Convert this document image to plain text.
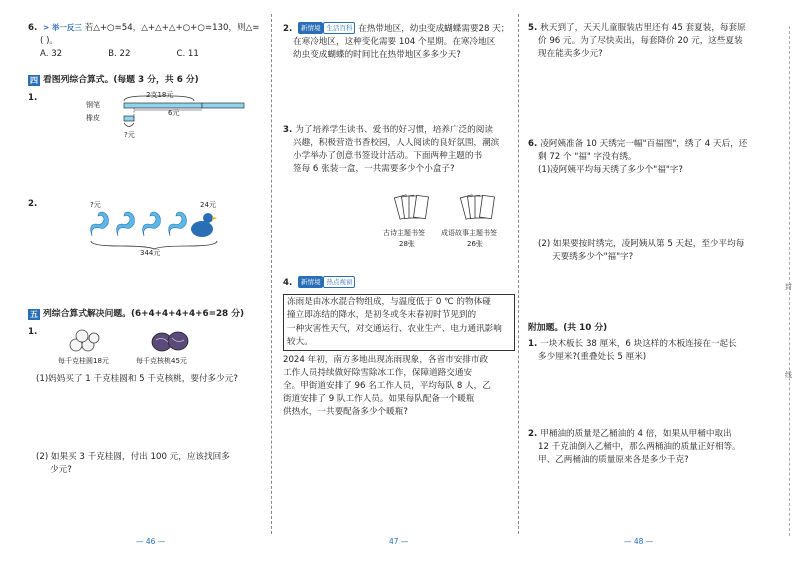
6. > 举一反三 若△+○=54，△+△+△+○+○=130，则△=
( )。
A. 32	B. 22	C. 11
四 看图列综合算式。(每题 3 分，共 6 分)
1.	2支18元
钢笔
橡皮
6元
?元
2.	?元	24元
344元
五 列综合算式解决问题。(6+4+4+4+4+6=28 分)
1.
每千克桂圆18元	每千克核桃45元
(1)妈妈买了 1 千克桂圆和 5 千克核桃，要付多少元?
(2) 如果买 3 千克桂圆，付出 100 元，应该找回多
少元?
— 46 —
2. 新情境 生活百科 在热带地区，幼虫变成蝴蝶需要28 天；
在寒冷地区，这种变化需要 104 个星期。在寒冷地区
幼虫变成蝴蝶的时间比在热带地区多多少天?
3. 为了培养学生读书、爱书的好习惯，培养广泛的阅读
兴趣，积极营造书香校园，人人阅读的良好氛围，潮滨
小学举办了创意书签设计活动。下面两种主题的书
签每 6 张装一盒，一共需要多少个小盒子?
古诗主题书签
28张
成语故事主题书签
26张
4. 新情境 热点视窗
冻雨是由冰水混合物组成，与温度低于 0 ℃ 的物体碰
撞立即冻结的降水，是初冬或冬末春初时节见到的
一种灾害性天气，对交通运行、农业生产、电力通讯影响
较大。
2024 年初，南方多地出现冻雨现象，各省市安排市政
工作人员持续做好除雪除冰工作，保障道路交通安
全。甲街道安排了 96 名工作人员，平均每队 8 人，乙
街道安排了 9 队工作人员。如果每队配备一个暖瓶
供热水，一共要配备多少个暖瓶?
47 —
5. 秋天到了，天天儿童服装店里还有 45 套夏装，每套原
价 96 元。为了尽快卖出，每套降价 20 元，这些夏装
现在能卖多少元?
6. 凌阿姨准备 10 天绣完一幅"百福图"，绣了 4 天后，还
剩 72 个 "福" 字没有绣。
(1)凌阿姨平均每天绣了多少个"福"字?
(2) 如果要按时绣完，凌阿姨从第 5 天起，至少平均每
天要绣多少个"福"字?
附加题。(共 10 分)
1. 一块木板长 38 厘米，6 块这样的木板连接在一起长
多少厘米?(重叠处长 5 厘米)
2. 甲桶油的质量是乙桶油的 4 倍，如果从甲桶中取出
12 千克油倒入乙桶中，那么两桶油的质量正好相等。
甲、乙两桶油的质量原来各是多少千克?
— 48 —
封
线
